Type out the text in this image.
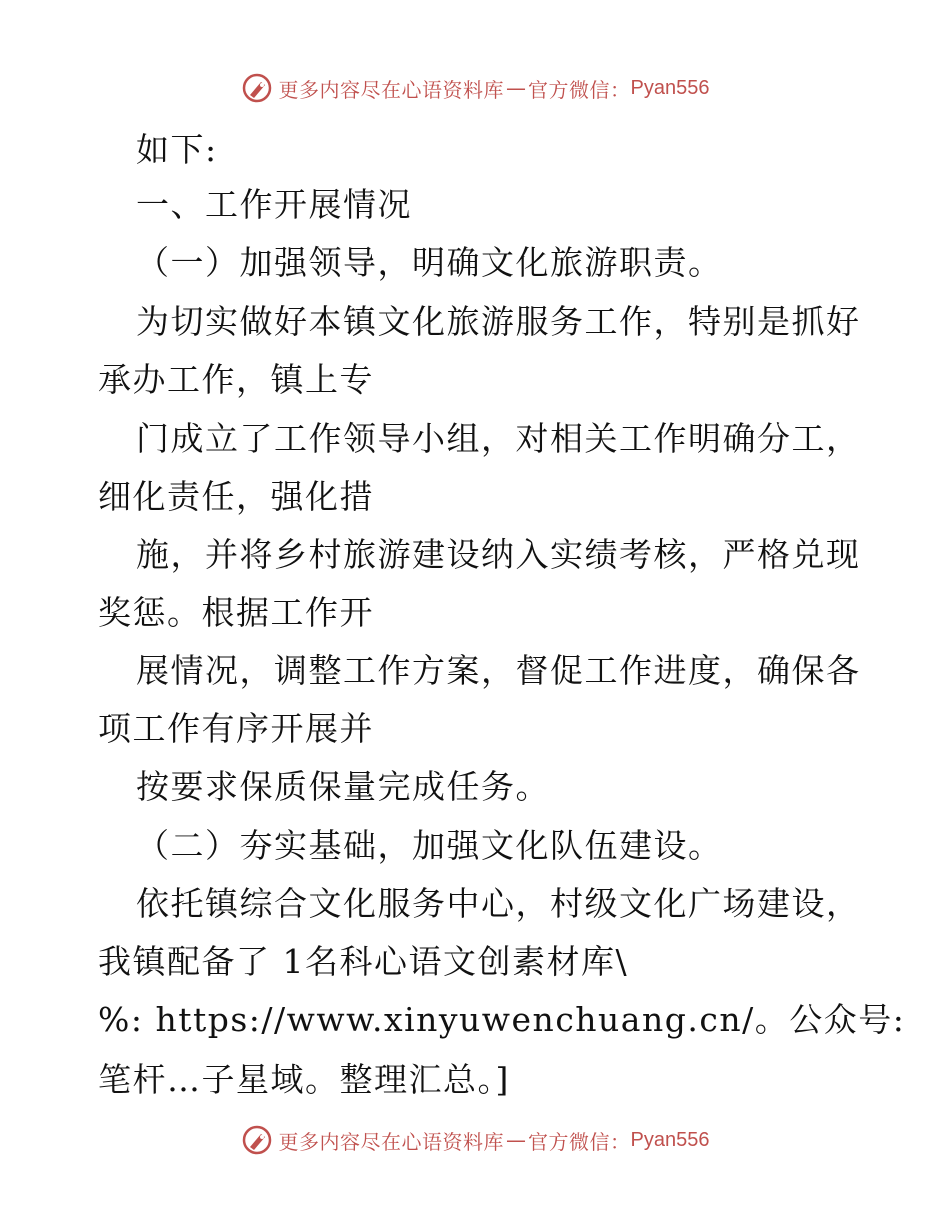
更多内容尽在心语资料库 — 官方微信： Pyan556
如下:
一、工作开展情况
（一）加强领导，明确文化旅游职责。
为切实做好本镇文化旅游服务工作，特别是抓好
承办工作，镇上专
门成立了工作领导小组，对相关工作明确分工，
细化责任，强化措
施，并将乡村旅游建设纳入实绩考核，严格兑现
奖惩。根据工作开
展情况，调整工作方案，督促工作进度，确保各
项工作有序开展并
按要求保质保量完成任务。
（二）夯实基础，加强文化队伍建设。
依托镇综合文化服务中心，村级文化广场建设，
我镇配备了 1名科心语文创素材库\
%: https://www.xinyuwenchuang.cn/。公众号:
笔杆…子星域。整理汇总。]
更多内容尽在心语资料库 — 官方微信： Pyan556
